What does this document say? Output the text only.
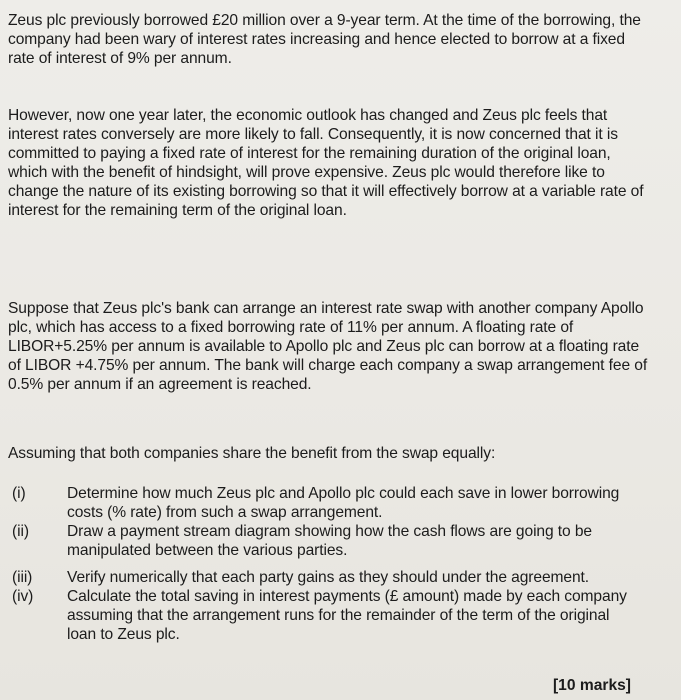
Zeus plc previously borrowed £20 million over a 9-year term. At the time of the borrowing, the company had been wary of interest rates increasing and hence elected to borrow at a fixed rate of interest of 9% per annum.

However, now one year later, the economic outlook has changed and Zeus plc feels that interest rates conversely are more likely to fall. Consequently, it is now concerned that it is committed to paying a fixed rate of interest for the remaining duration of the original loan, which with the benefit of hindsight, will prove expensive. Zeus plc would therefore like to change the nature of its existing borrowing so that it will effectively borrow at a variable rate of interest for the remaining term of the original loan.

Suppose that Zeus plc's bank can arrange an interest rate swap with another company Apollo plc, which has access to a fixed borrowing rate of 11% per annum. A floating rate of LIBOR+5.25% per annum is available to Apollo plc and Zeus plc can borrow at a floating rate of LIBOR +4.75% per annum. The bank will charge each company a swap arrangement fee of 0.5% per annum if an agreement is reached.

Assuming that both companies share the benefit from the swap equally:

(i)	Determine how much Zeus plc and Apollo plc could each save in lower borrowing costs (% rate) from such a swap arrangement.
(ii) Draw a payment stream diagram showing how the cash flows are going to be manipulated between the various parties.
(iii) Verify numerically that each party gains as they should under the agreement.
(iv) Calculate the total saving in interest payments (£ amount) made by each company assuming that the arrangement runs for the remainder of the term of the original loan to Zeus plc.
[10 marks]
